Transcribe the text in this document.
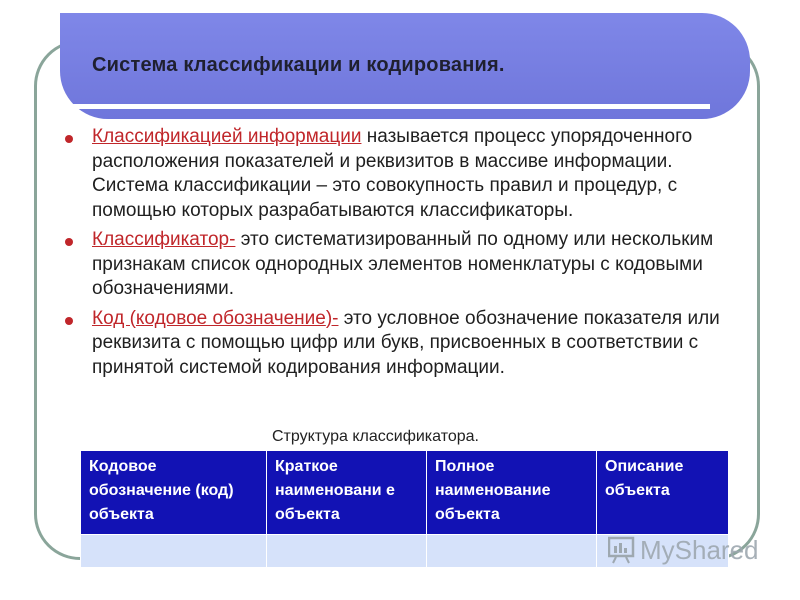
Система классификации и кодирования.
Классификацией информации называется процесс упорядоченного расположения показателей и реквизитов в массиве информации. Система классификации – это совокупность правил и процедур, с помощью которых разрабатываются классификаторы.
Классификатор- это систематизированный по одному или нескольким признакам список однородных элементов номенклатуры с кодовыми обозначениями.
Код (кодовое обозначение)- это условное обозначение показателя или реквизита с помощью цифр или букв, присвоенных в соответствии с принятой системой кодирования информации.
Структура классификатора.
Кодовое обозначение (код) объекта	Краткое наименовани е объекта	Полное наименование объекта	Описание объекта

MyShared
